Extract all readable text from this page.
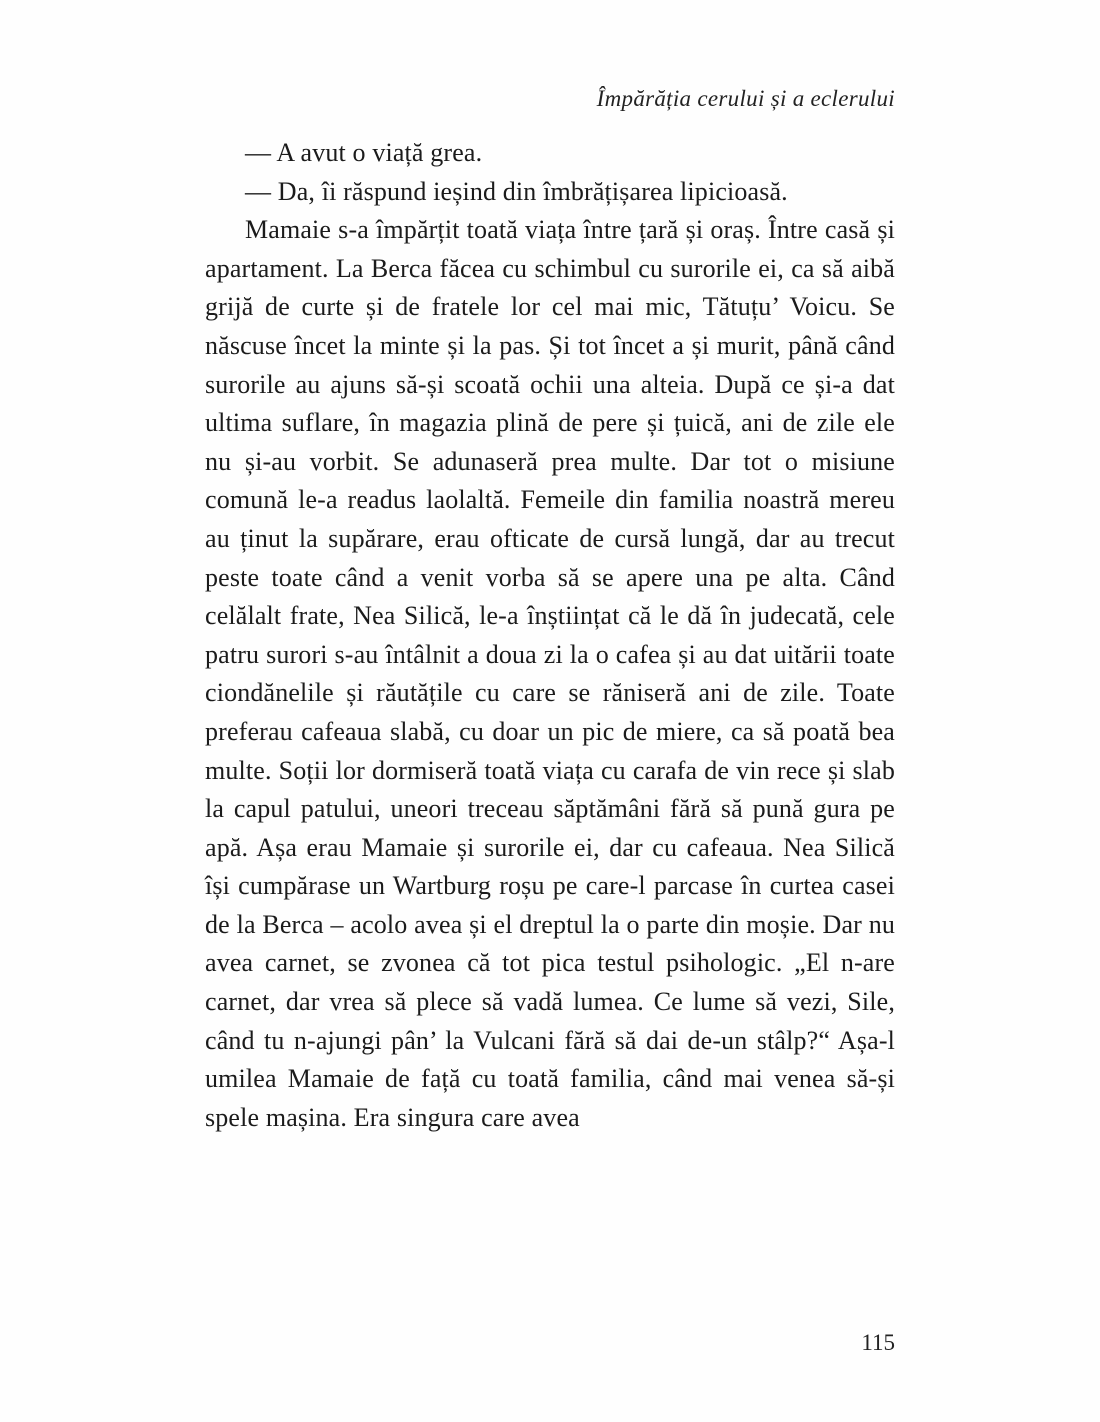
Împărăția cerului și a eclerului

— A avut o viață grea.

— Da, îi răspund ieșind din îmbrățișarea lipicioasă.

Mamaie s-a împărțit toată viața între țară și oraș. Între casă și apartament. La Berca făcea cu schimbul cu surorile ei, ca să aibă grijă de curte și de fratele lor cel mai mic, Tătuțu’ Voicu. Se născuse încet la minte și la pas. Și tot încet a și murit, până când surorile au ajuns să-și scoată ochii una alteia. După ce și-a dat ultima suflare, în magazia plină de pere și țuică, ani de zile ele nu și-au vorbit. Se adunaseră prea multe. Dar tot o misiune comună le-a readus laolaltă. Femeile din familia noastră mereu au ținut la supărare, erau ofticate de cursă lungă, dar au trecut peste toate când a venit vorba să se apere una pe alta. Când celălalt frate, Nea Silică, le-a înștiințat că le dă în judecată, cele patru surori s-au întâlnit a doua zi la o cafea și au dat uitării toate ciondănelile și răutățile cu care se răniseră ani de zile. Toate preferau cafeaua slabă, cu doar un pic de miere, ca să poată bea multe. Soții lor dormiseră toată viața cu carafa de vin rece și slab la capul patului, uneori treceau săptămâni fără să pună gura pe apă. Așa erau Mamaie și surorile ei, dar cu cafeaua. Nea Silică își cumpărase un Wartburg roșu pe care-l parcase în curtea casei de la Berca – acolo avea și el dreptul la o parte din moșie. Dar nu avea carnet, se zvonea că tot pica testul psihologic. „El n-are carnet, dar vrea să plece să vadă lumea. Ce lume să vezi, Sile, când tu n-ajungi pân’ la Vulcani fără să dai de-un stâlp?“ Așa-l umilea Mamaie de față cu toată familia, când mai venea să-și spele mașina. Era singura care avea

115
